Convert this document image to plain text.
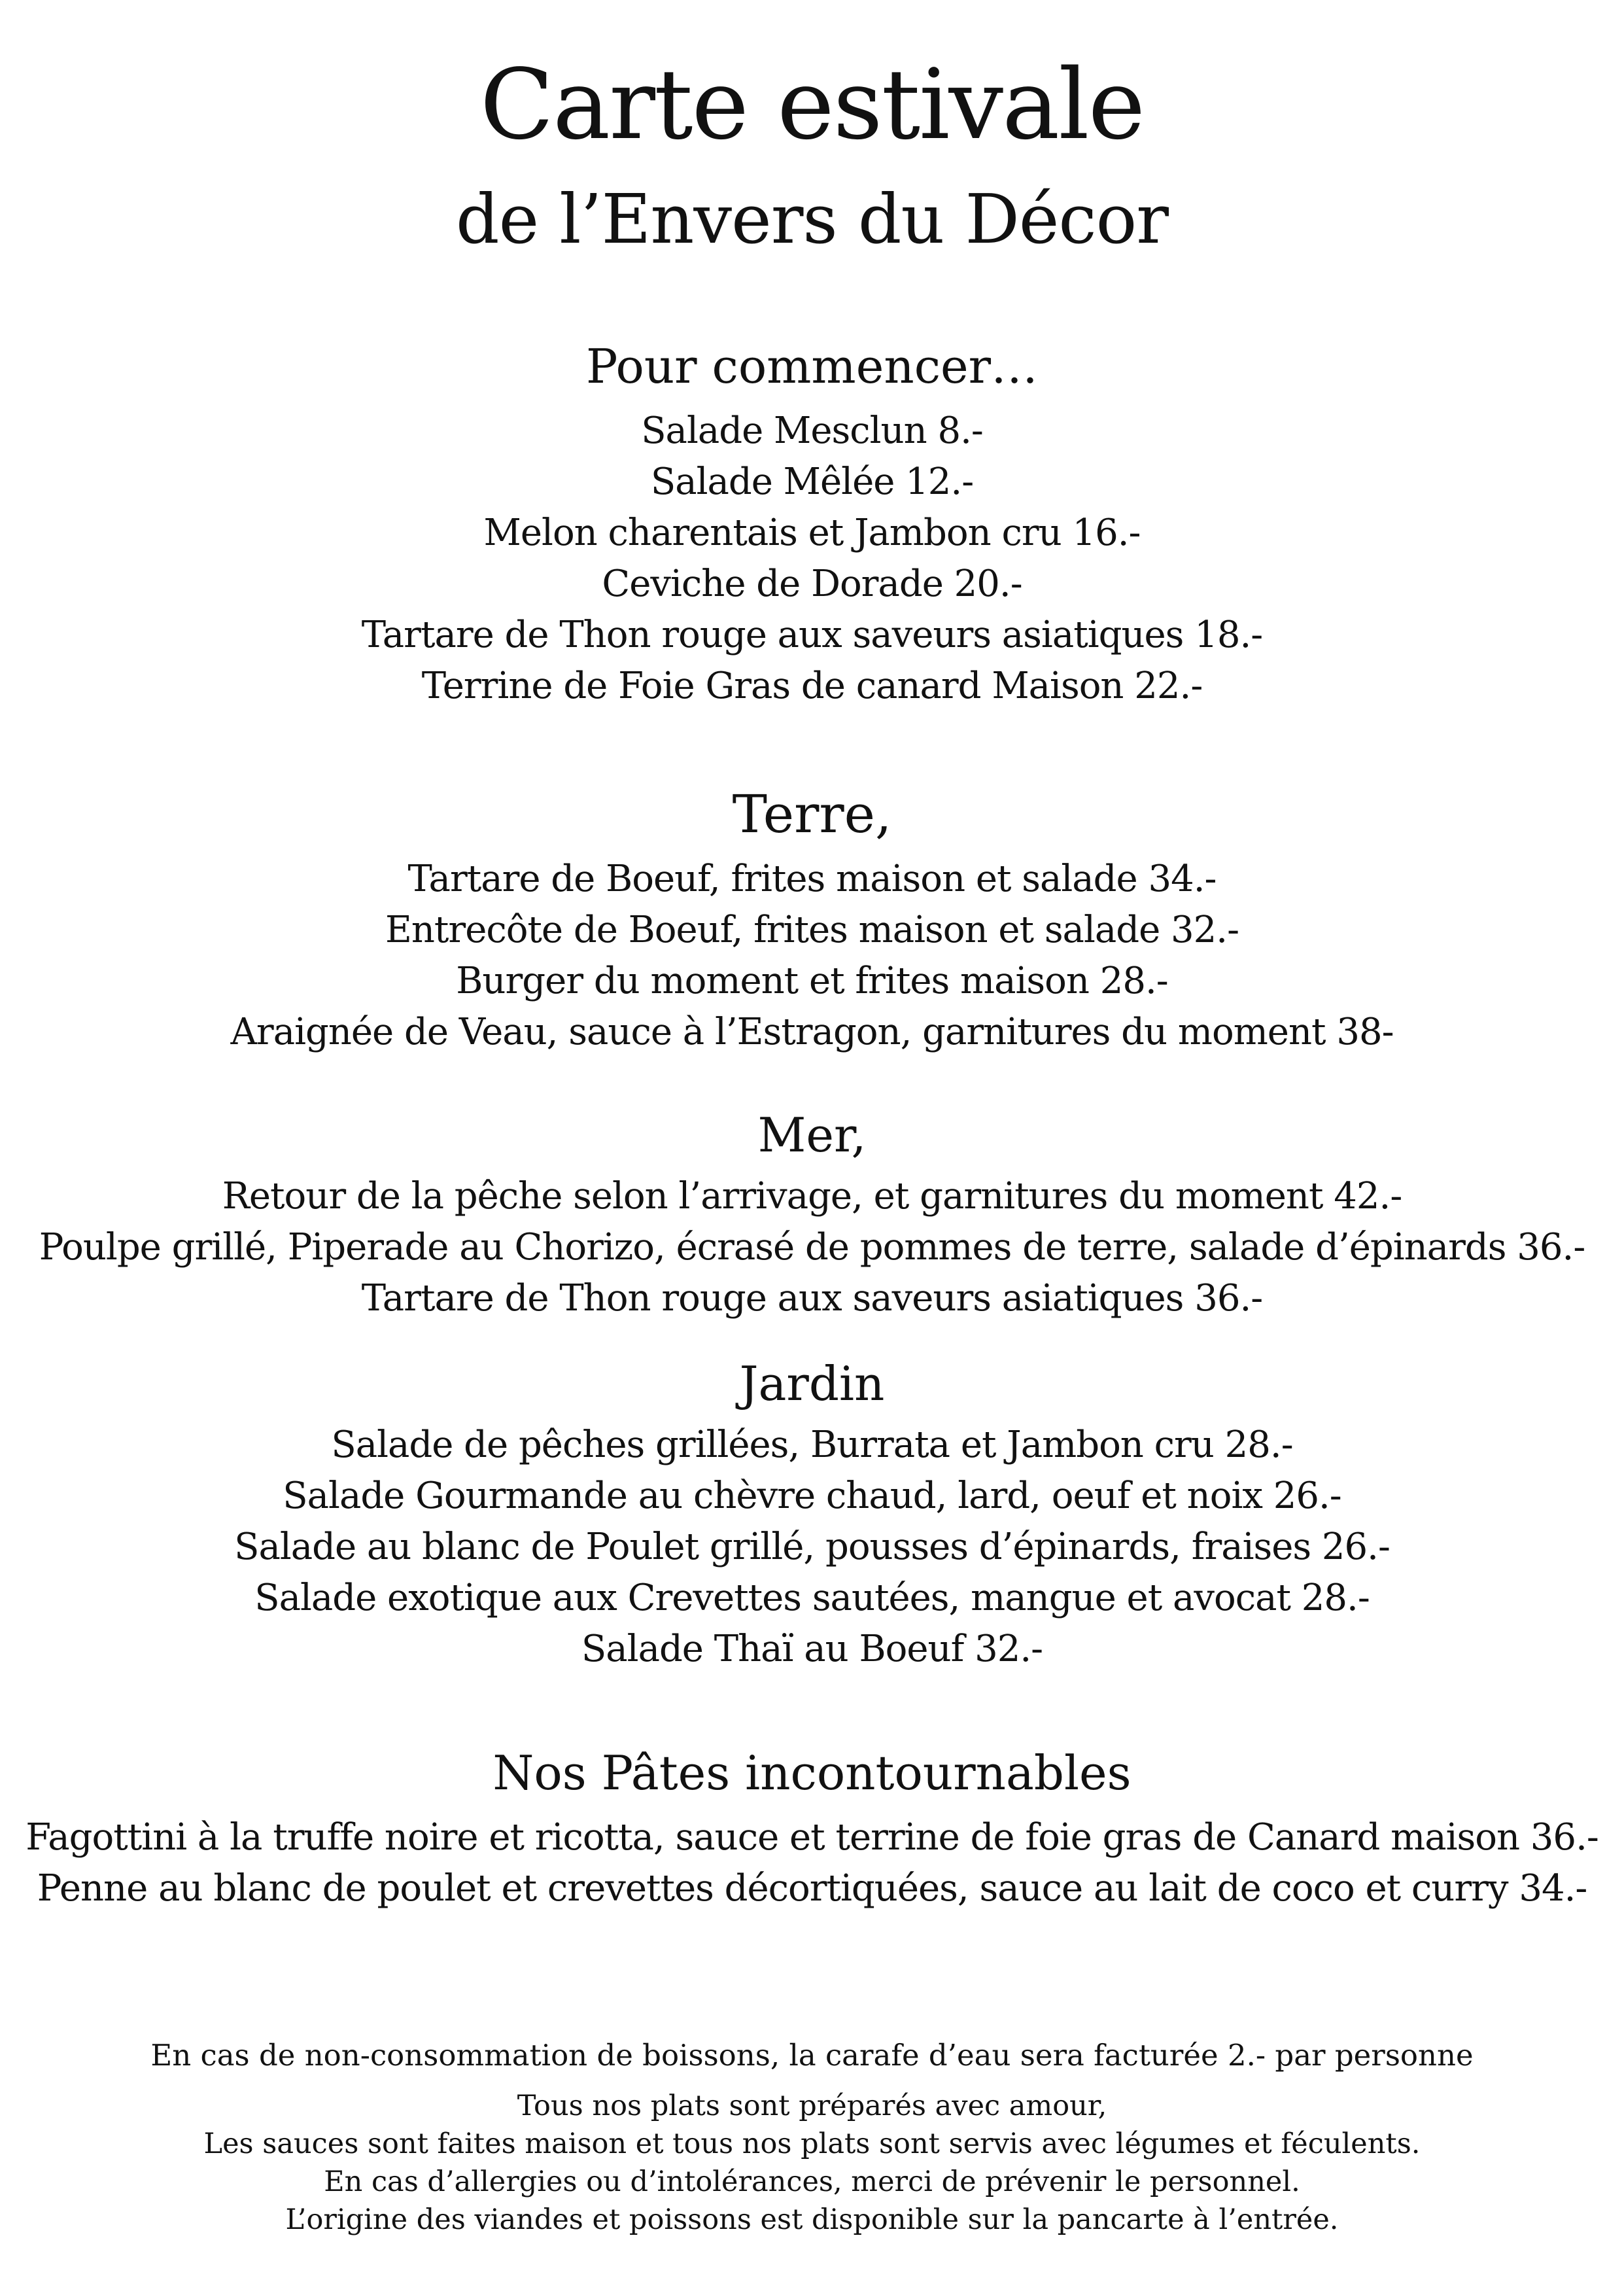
Carte estivale
de l’Envers du Décor
Pour commencer…
Salade Mesclun 8.-
Salade Mêlée 12.-
Melon charentais et Jambon cru 16.-
Ceviche de Dorade 20.-
Tartare de Thon rouge aux saveurs asiatiques 18.-
Terrine de Foie Gras de canard Maison 22.-
Terre,
Tartare de Boeuf, frites maison et salade 34.-
Entrecôte de Boeuf, frites maison et salade 32.-
Burger du moment et frites maison 28.-
Araignée de Veau, sauce à l’Estragon, garnitures du moment 38-
Mer,
Retour de la pêche selon l’arrivage, et garnitures du moment 42.-
Poulpe grillé, Piperade au Chorizo, écrasé de pommes de terre, salade d’épinards 36.-
Tartare de Thon rouge aux saveurs asiatiques 36.-
Jardin
Salade de pêches grillées, Burrata et Jambon cru 28.-
Salade Gourmande au chèvre chaud, lard, oeuf et noix 26.-
Salade au blanc de Poulet grillé, pousses d’épinards, fraises 26.-
Salade exotique aux Crevettes sautées, mangue et avocat 28.-
Salade Thaï au Boeuf 32.-
Nos Pâtes incontournables
Fagottini à la truffe noire et ricotta, sauce et terrine de foie gras de Canard maison 36.-
Penne au blanc de poulet et crevettes décortiquées, sauce au lait de coco et curry 34.-
En cas de non-consommation de boissons, la carafe d’eau sera facturée 2.- par personne
Tous nos plats sont préparés avec amour,
Les sauces sont faites maison et tous nos plats sont servis avec légumes et féculents.
En cas d’allergies ou d’intolérances, merci de prévenir le personnel.
L’origine des viandes et poissons est disponible sur la pancarte à l’entrée.
